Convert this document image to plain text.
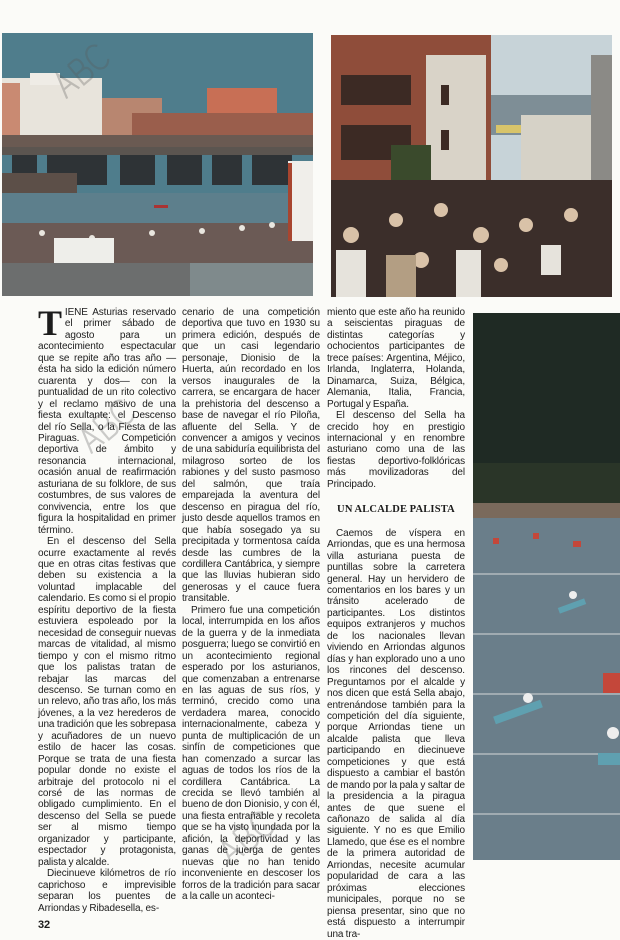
TIENE Asturias reservado el primer sábado de agosto para un acontecimiento espectacular que se repite año tras año —ésta ha sido la edición número cuarenta y dos— con la puntualidad de un rito colectivo y el reclamo masivo de una fiesta exultante: el Descenso del río Sella, o la Fiesta de las Piraguas. Competición deportiva de ámbito y resonancia internacional, ocasión anual de reafirmación asturiana de su folklore, de sus costumbres, de sus valores de convivencia, entre los que figura la hospitalidad en primer término.

En el descenso del Sella ocurre exactamente al revés que en otras citas festivas que deben su existencia a la voluntad implacable del calendario. Es como si el propio espíritu deportivo de la fiesta estuviera espoleado por la necesidad de conseguir nuevas marcas de vitalidad, al mismo tiempo y con el mismo ritmo que los palistas tratan de rebajar las marcas del descenso. Se turnan como en un relevo, año tras año, los más jóvenes, a la vez herederos de una tradición que les sobrepasa y acuñadores de un nuevo estilo de hacer las cosas. Porque se trata de una fiesta popular donde no existe el arbitraje del protocolo ni el corsé de las normas de obligado cumplimiento. En el descenso del Sella se puede ser al mismo tiempo organizador y participante, espectador y protagonista, palista y alcalde.

Diecinueve kilómetros de río caprichoso e imprevisible separan los puentes de Arriondas y Ribadesella, es-

32

cenario de una competición deportiva que tuvo en 1930 su primera edición, después de que un casi legendario personaje, Dionisio de la Huerta, aún recordado en los versos inaugurales de la carrera, se encargara de hacer la prehistoria del descenso a base de navegar el río Piloña, afluente del Sella. Y de convencer a amigos y vecinos de una sabiduría equilibrista del milagroso sorteo de los rabiones y del susto pasmoso del salmón, que traía emparejada la aventura del descenso en piragua del río, justo desde aquellos tramos en que había sosegado ya su precipitada y tormentosa caída desde las cumbres de la cordillera Cantábrica, y siempre que las lluvias hubieran sido generosas y el cauce fuera transitable.

Primero fue una competición local, interrumpida en los años de la guerra y de la inmediata posguerra; luego se convirtió en un acontecimiento regional esperado por los asturianos, que comenzaban a entrenarse en las aguas de sus ríos, y terminó, crecido como una verdadera marea, conocido internacionalmente, cabeza y punta de multiplicación de un sinfín de competiciones que han comenzado a surcar las aguas de todos los ríos de la cordillera Cantábrica. La crecida se llevó también al bueno de don Dionisio, y con él, una fiesta entrañable y recoleta que se ha visto inundada por la afición, la deportividad y las ganas de juerga de gentes nuevas que no han tenido inconveniente en descoser los forros de la tradición para sacar a la calle un aconteci-

miento que este año ha reunido a seiscientas piraguas de distintas categorías y ochocientos participantes de trece países: Argentina, Méjico, Irlanda, Inglaterra, Holanda, Dinamarca, Suiza, Bélgica, Alemania, Italia, Francia, Portugal y España.

El descenso del Sella ha crecido hoy en prestigio internacional y en renombre asturiano como una de las fiestas deportivo-folklóricas más movilizadoras del Principado.

UN ALCALDE PALISTA

Caemos de víspera en Arriondas, que es una hermosa villa asturiana puesta de puntillas sobre la carretera general. Hay un hervidero de comentarios en los bares y un tránsito acelerado de participantes. Los distintos equipos extranjeros y muchos de los nacionales llevan viviendo en Arriondas algunos días y han explorado uno a uno los rincones del descenso. Preguntamos por el alcalde y nos dicen que está Sella abajo, entrenándose también para la competición del día siguiente, porque Arriondas tiene un alcalde palista que lleva participando en diecinueve competiciones y que está dispuesto a cambiar el bastón de mando por la pala y saltar de la presidencia a la piragua antes de que suene el cañonazo de salida al día siguiente. Y no es que Emilio Llamedo, que ése es el nombre de la primera autoridad de Arriondas, necesite acumular popularidad de cara a las próximas elecciones municipales, porque no se piensa presentar, sino que no está dispuesto a interrumpir una tra-
